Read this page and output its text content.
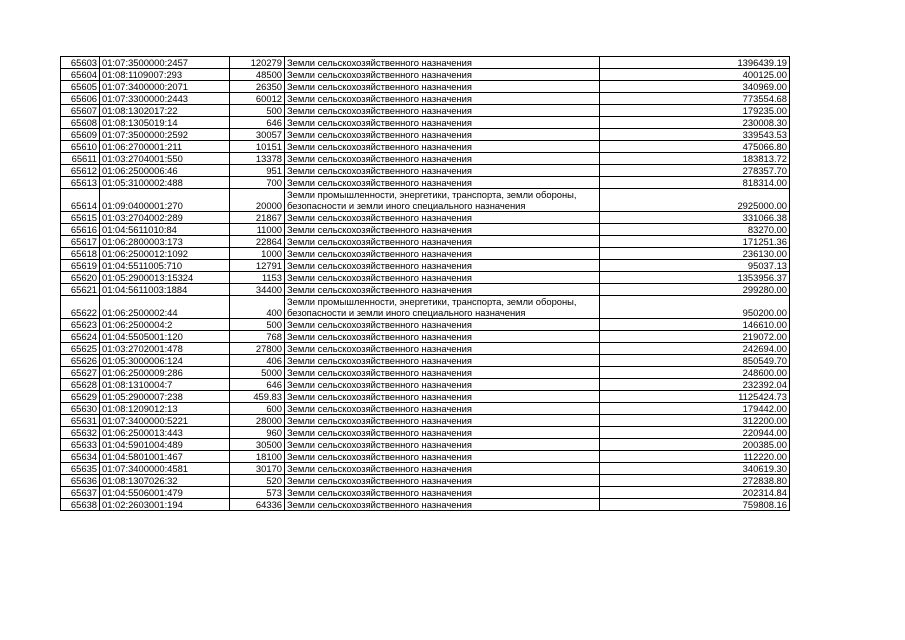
65603	01:07:3500000:2457	120279	Земли сельскохозяйственного назначения	1396439.19
65604	01:08:1109007:293	48500	Земли сельскохозяйственного назначения	400125.00
65605	01:07:3400000:2071	26350	Земли сельскохозяйственного назначения	340969.00
65606	01:07:3300000:2443	60012	Земли сельскохозяйственного назначения	773554.68
65607	01:08:1302017:22	500	Земли сельскохозяйственного назначения	179235.00
65608	01:08:1305019:14	646	Земли сельскохозяйственного назначения	230008.30
65609	01:07:3500000:2592	30057	Земли сельскохозяйственного назначения	339543.53
65610	01:06:2700001:211	10151	Земли сельскохозяйственного назначения	475066.80
65611	01:03:2704001:550	13378	Земли сельскохозяйственного назначения	183813.72
65612	01:06:2500006:46	951	Земли сельскохозяйственного назначения	278357.70
65613	01:05:3100002:488	700	Земли сельскохозяйственного назначения	818314.00
65614	01:09:0400001:270	20000	Земли промышленности, энергетики, транспорта, земли обороны, безопасности и земли иного специального назначения	2925000.00
65615	01:03:2704002:289	21867	Земли сельскохозяйственного назначения	331066.38
65616	01:04:5611010:84	11000	Земли сельскохозяйственного назначения	83270.00
65617	01:06:2800003:173	22864	Земли сельскохозяйственного назначения	171251.36
65618	01:06:2500012:1092	1000	Земли сельскохозяйственного назначения	236130.00
65619	01:04:5511005:710	12791	Земли сельскохозяйственного назначения	95037.13
65620	01:05:2900013:15324	1153	Земли сельскохозяйственного назначения	1353956.37
65621	01:04:5611003:1884	34400	Земли сельскохозяйственного назначения	299280.00
65622	01:06:2500002:44	400	Земли промышленности, энергетики, транспорта, земли обороны, безопасности и земли иного специального назначения	950200.00
65623	01:06:2500004:2	500	Земли сельскохозяйственного назначения	146610.00
65624	01:04:5505001:120	768	Земли сельскохозяйственного назначения	219072.00
65625	01:03:2702001:478	27800	Земли сельскохозяйственного назначения	242694.00
65626	01:05:3000006:124	406	Земли сельскохозяйственного назначения	850549.70
65627	01:06:2500009:286	5000	Земли сельскохозяйственного назначения	248600.00
65628	01:08:1310004:7	646	Земли сельскохозяйственного назначения	232392.04
65629	01:05:2900007:238	459.83	Земли сельскохозяйственного назначения	1125424.73
65630	01:08:1209012:13	600	Земли сельскохозяйственного назначения	179442.00
65631	01:07:3400000:5221	28000	Земли сельскохозяйственного назначения	312200.00
65632	01:06:2500013:443	960	Земли сельскохозяйственного назначения	220944.00
65633	01:04:5901004:489	30500	Земли сельскохозяйственного назначения	200385.00
65634	01:04:5801001:467	18100	Земли сельскохозяйственного назначения	112220.00
65635	01:07:3400000:4581	30170	Земли сельскохозяйственного назначения	340619.30
65636	01:08:1307026:32	520	Земли сельскохозяйственного назначения	272838.80
65637	01:04:5506001:479	573	Земли сельскохозяйственного назначения	202314.84
65638	01:02:2603001:194	64336	Земли сельскохозяйственного назначения	759808.16
